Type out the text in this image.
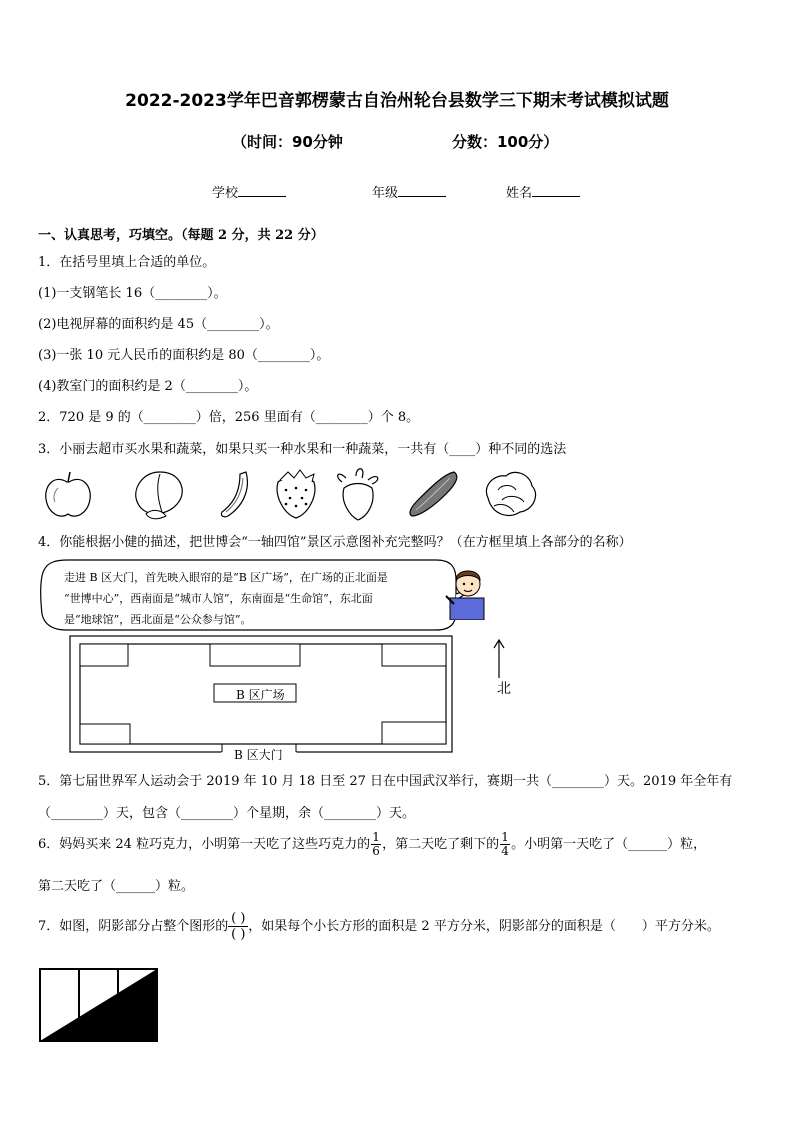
2022-2023学年巴音郭楞蒙古自治州轮台县数学三下期末考试模拟试题
（时间：90分钟	分数：100分）
学校	年级	姓名
一、认真思考，巧填空。（每题 2 分，共 22 分）
1．在括号里填上合适的单位。
(1)一支钢笔长 16（________）。
(2)电视屏幕的面积约是 45（________）。
(3)一张 10 元人民币的面积约是 80（________）。
(4)教室门的面积约是 2（________）。
2．720 是 9 的（________）倍，256 里面有（________）个 8。
3．小丽去超市买水果和蔬菜，如果只买一种水果和一种蔬菜，一共有（____）种不同的选法
4．你能根据小健的描述，把世博会“一轴四馆”景区示意图补充完整吗？（在方框里填上各部分的名称）
走进 B 区大门，首先映入眼帘的是“B 区广场”，在广场的正北面是
“世博中心”，西南面是“城市人馆”，东南面是“生命馆”，东北面
是“地球馆”，西北面是“公众参与馆”。
B 区广场
B 区大门
北
5．第七届世界军人运动会于 2019 年 10 月 18 日至 27 日在中国武汉举行，赛期一共（________）天。2019 年全年有
（________）天，包含（________）个星期，余（________）天。
6．妈妈买来 24 粒巧克力，小明第一天吃了这些巧克力的 $\frac{1}{6}$ ，第二天吃了剩下的 $\frac{1}{4}$ 。小明第一天吃了（______）粒，
第二天吃了（______）粒。
7．如图，阴影部分占整个图形的
( )
( )
，如果每个小长方形的面积是 2 平方分米，阴影部分的面积是（　　）平方分米。
